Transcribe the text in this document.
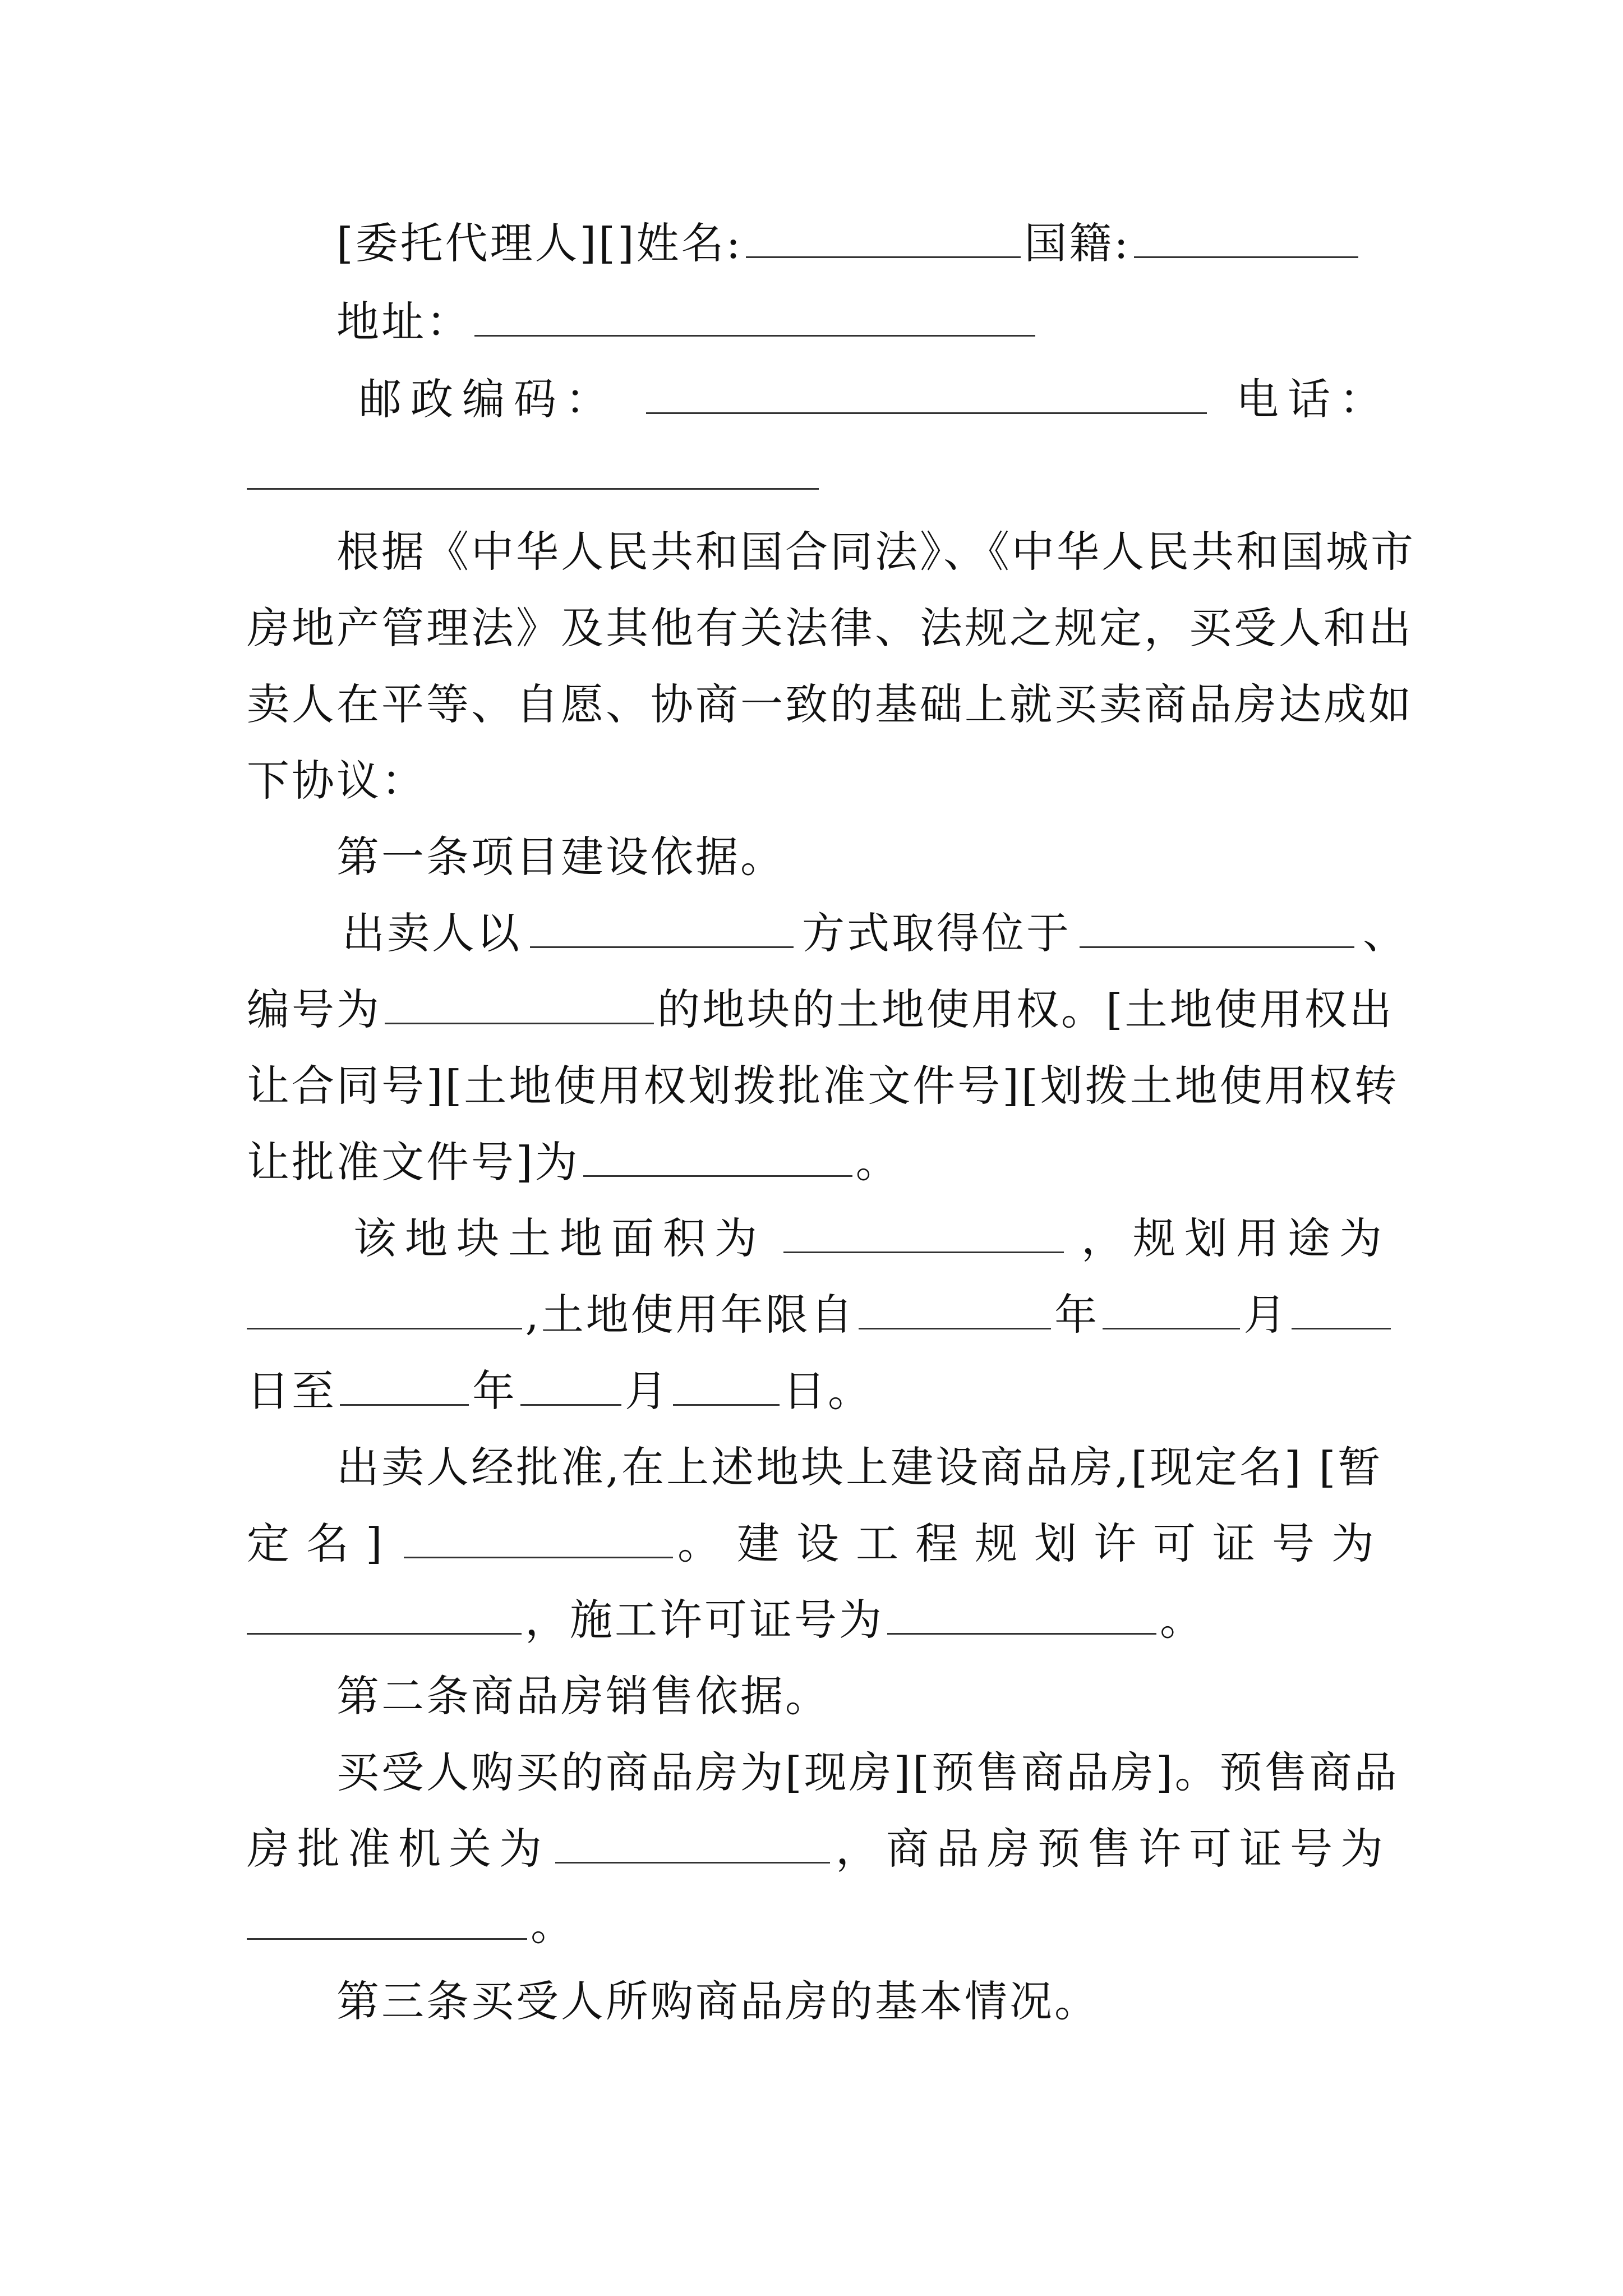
[委托代理人][]姓名:	国籍:
地址：
邮政编码：	电话：
根据《中华人民共和国合同法》、《中华人民共和国城市
房地产管理法》及其他有关法律、法规之规定，买受人和出
卖人在平等、自愿、协商一致的基础上就买卖商品房达成如
下协议：
第一条项目建设依据。
出卖人以	方式取得位于	、
编号为	的地块的土地使用权。[土地使用权出
让合同号][土地使用权划拨批准文件号][划拨土地使用权转
让批准文件号]为	。
该地块土地面积为	，规划用途为
,土地使用年限自	年	月
日至	年	月	日。
出卖人经批准,在上述地块上建设商品房,[现定名] [暂
定名]	。建设工程规划许可证号为
，施工许可证号为	。
第二条商品房销售依据。
买受人购买的商品房为[现房][预售商品房]。预售商品
房批准机关为	，商品房预售许可证号为
。
第三条买受人所购商品房的基本情况。
